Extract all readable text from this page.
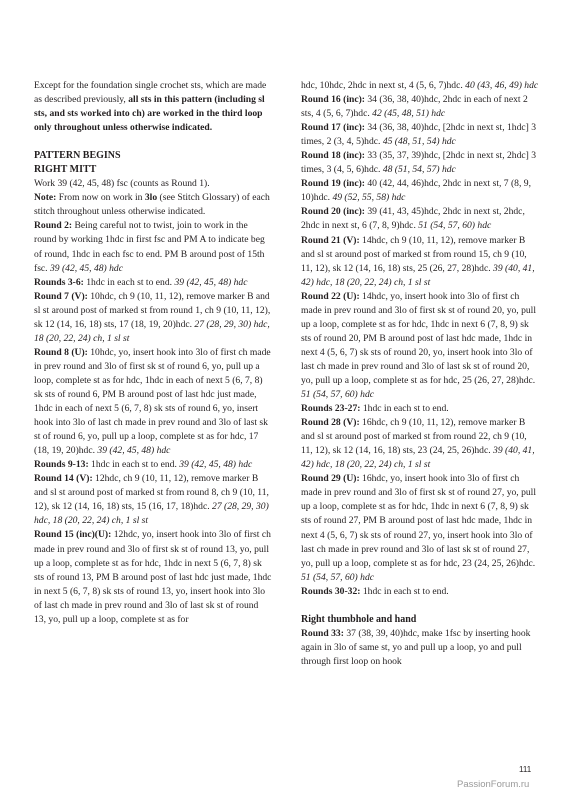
Except for the foundation single crochet sts, which are made as described previously, all sts in this pattern (including sl sts, and sts worked into ch) are worked in the third loop only throughout unless otherwise indicated.

PATTERN BEGINS

RIGHT MITT

Work 39 (42, 45, 48) fsc (counts as Round 1).

Note: From now on work in 3lo (see Stitch Glossary) of each stitch throughout unless otherwise indicated.

Round 2: Being careful not to twist, join to work in the round by working 1hdc in first fsc and PM A to indicate beg of round, 1hdc in each fsc to end. PM B around post of 15th fsc. 39 (42, 45, 48) hdc

Rounds 3-6: 1hdc in each st to end. 39 (42, 45, 48) hdc

Round 7 (V): 10hdc, ch 9 (10, 11, 12), remove marker B and sl st around post of marked st from round 1, ch 9 (10, 11, 12), sk 12 (14, 16, 18) sts, 17 (18, 19, 20)hdc. 27 (28, 29, 30) hdc, 18 (20, 22, 24) ch, 1 sl st

Round 8 (U): 10hdc, yo, insert hook into 3lo of first ch made in prev round and 3lo of first sk st of round 6, yo, pull up a loop, complete st as for hdc, 1hdc in each of next 5 (6, 7, 8) sk sts of round 6, PM B around post of last hdc just made, 1hdc in each of next 5 (6, 7, 8) sk sts of round 6, yo, insert hook into 3lo of last ch made in prev round and 3lo of last sk st of round 6, yo, pull up a loop, complete st as for hdc, 17 (18, 19, 20)hdc. 39 (42, 45, 48) hdc

Rounds 9-13: 1hdc in each st to end. 39 (42, 45, 48) hdc

Round 14 (V): 12hdc, ch 9 (10, 11, 12), remove marker B and sl st around post of marked st from round 8, ch 9 (10, 11, 12), sk 12 (14, 16, 18) sts, 15 (16, 17, 18)hdc. 27 (28, 29, 30) hdc, 18 (20, 22, 24) ch, 1 sl st

Round 15 (inc)(U): 12hdc, yo, insert hook into 3lo of first ch made in prev round and 3lo of first sk st of round 13, yo, pull up a loop, complete st as for hdc, 1hdc in next 5 (6, 7, 8) sk sts of round 13, PM B around post of last hdc just made, 1hdc in next 5 (6, 7, 8) sk sts of round 13, yo, insert hook into 3lo of last ch made in prev round and 3lo of last sk st of round 13, yo, pull up a loop, complete st as for

hdc, 10hdc, 2hdc in next st, 4 (5, 6, 7)hdc. 40 (43, 46, 49) hdc

Round 16 (inc): 34 (36, 38, 40)hdc, 2hdc in each of next 2 sts, 4 (5, 6, 7)hdc. 42 (45, 48, 51) hdc

Round 17 (inc): 34 (36, 38, 40)hdc, [2hdc in next st, 1hdc] 3 times, 2 (3, 4, 5)hdc. 45 (48, 51, 54) hdc

Round 18 (inc): 33 (35, 37, 39)hdc, [2hdc in next st, 2hdc] 3 times, 3 (4, 5, 6)hdc. 48 (51, 54, 57) hdc

Round 19 (inc): 40 (42, 44, 46)hdc, 2hdc in next st, 7 (8, 9, 10)hdc. 49 (52, 55, 58) hdc

Round 20 (inc): 39 (41, 43, 45)hdc, 2hdc in next st, 2hdc, 2hdc in next st, 6 (7, 8, 9)hdc. 51 (54, 57, 60) hdc

Round 21 (V): 14hdc, ch 9 (10, 11, 12), remove marker B and sl st around post of marked st from round 15, ch 9 (10, 11, 12), sk 12 (14, 16, 18) sts, 25 (26, 27, 28)hdc. 39 (40, 41, 42) hdc, 18 (20, 22, 24) ch, 1 sl st

Round 22 (U): 14hdc, yo, insert hook into 3lo of first ch made in prev round and 3lo of first sk st of round 20, yo, pull up a loop, complete st as for hdc, 1hdc in next 6 (7, 8, 9) sk sts of round 20, PM B around post of last hdc made, 1hdc in next 4 (5, 6, 7) sk sts of round 20, yo, insert hook into 3lo of last ch made in prev round and 3lo of last sk st of round 20, yo, pull up a loop, complete st as for hdc, 25 (26, 27, 28)hdc. 51 (54, 57, 60) hdc

Rounds 23-27: 1hdc in each st to end.

Round 28 (V): 16hdc, ch 9 (10, 11, 12), remove marker B and sl st around post of marked st from round 22, ch 9 (10, 11, 12), sk 12 (14, 16, 18) sts, 23 (24, 25, 26)hdc. 39 (40, 41, 42) hdc, 18 (20, 22, 24) ch, 1 sl st

Round 29 (U): 16hdc, yo, insert hook into 3lo of first ch made in prev round and 3lo of first sk st of round 27, yo, pull up a loop, complete st as for hdc, 1hdc in next 6 (7, 8, 9) sk sts of round 27, PM B around post of last hdc made, 1hdc in next 4 (5, 6, 7) sk sts of round 27, yo, insert hook into 3lo of last ch made in prev round and 3lo of last sk st of round 27, yo, pull up a loop, complete st as for hdc, 23 (24, 25, 26)hdc. 51 (54, 57, 60) hdc

Rounds 30-32: 1hdc in each st to end.

Right thumbhole and hand

Round 33: 37 (38, 39, 40)hdc, make 1fsc by inserting hook again in 3lo of same st, yo and pull up a loop, yo and pull through first loop on hook

111
PassionForum.ru
